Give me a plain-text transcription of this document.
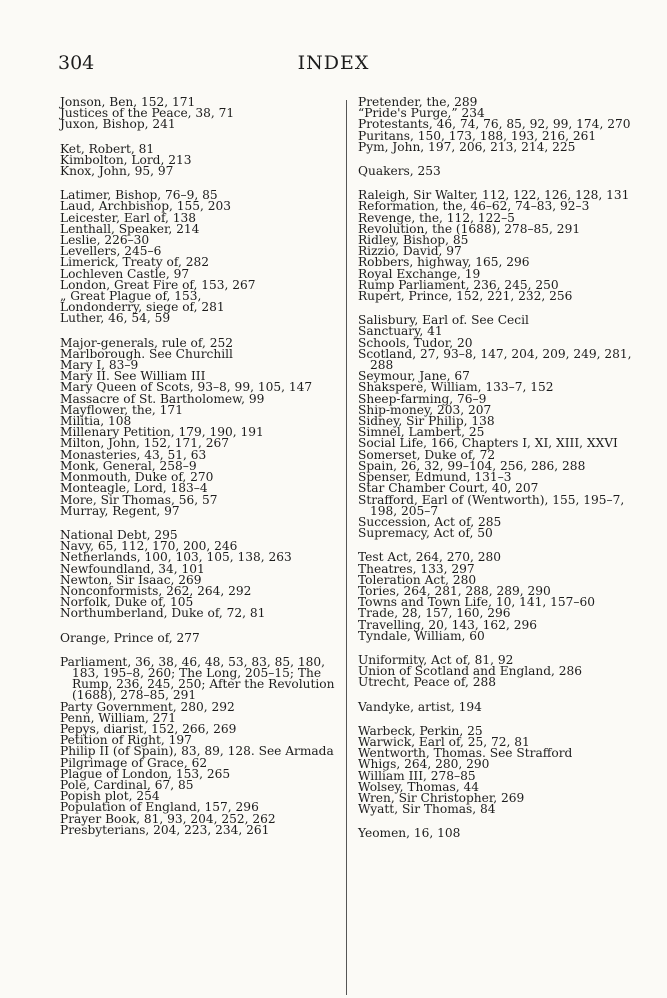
304	INDEX
Jonson, Ben, 152, 171
Justices of the Peace, 38, 71
Juxon, Bishop, 241
Ket, Robert, 81
Kimbolton, Lord, 213
Knox, John, 95, 97
Latimer, Bishop, 76–9, 85
Laud, Archbishop, 155, 203
Leicester, Earl of, 138
Lenthall, Speaker, 214
Leslie, 226–30
Levellers, 245–6
Limerick, Treaty of, 282
Lochleven Castle, 97
London, Great Fire of, 153, 267
„ Great Plague of, 153,
Londonderry, siege of, 281
Luther, 46, 54, 59
Major-generals, rule of, 252
Marlborough. See Churchill
Mary I, 83–9
Mary II. See William III
Mary Queen of Scots, 93–8, 99, 105, 147
Massacre of St. Bartholomew, 99
Mayflower, the, 171
Militia, 108
Millenary Petition, 179, 190, 191
Milton, John, 152, 171, 267
Monasteries, 43, 51, 63
Monk, General, 258–9
Monmouth, Duke of, 270
Monteagle, Lord, 183–4
More, Sir Thomas, 56, 57
Murray, Regent, 97
National Debt, 295
Navy, 65, 112, 170, 200, 246
Netherlands, 100, 103, 105, 138, 263
Newfoundland, 34, 101
Newton, Sir Isaac, 269
Nonconformists, 262, 264, 292
Norfolk, Duke of, 105
Northumberland, Duke of, 72, 81
Orange, Prince of, 277
Parliament, 36, 38, 46, 48, 53, 83, 85, 180, 183, 195–8, 260; The Long, 205–15; The Rump, 236, 245, 250; After the Revolution (1688), 278–85, 291
Party Government, 280, 292
Penn, William, 271
Pepys, diarist, 152, 266, 269
Petition of Right, 197
Philip II (of Spain), 83, 89, 128. See Armada
Pilgrimage of Grace, 62
Plague of London, 153, 265
Pole, Cardinal, 67, 85
Popish plot, 254
Population of England, 157, 296
Prayer Book, 81, 93, 204, 252, 262
Presbyterians, 204, 223, 234, 261
Pretender, the, 289
“Pride's Purge,” 234
Protestants, 46, 74, 76, 85, 92, 99, 174, 270
Puritans, 150, 173, 188, 193, 216, 261
Pym, John, 197, 206, 213, 214, 225
Quakers, 253
Raleigh, Sir Walter, 112, 122, 126, 128, 131
Reformation, the, 46–62, 74–83, 92–3
Revenge, the, 112, 122–5
Revolution, the (1688), 278–85, 291
Ridley, Bishop, 85
Rizzio, David, 97
Robbers, highway, 165, 296
Royal Exchange, 19
Rump Parliament, 236, 245, 250
Rupert, Prince, 152, 221, 232, 256
Salisbury, Earl of. See Cecil
Sanctuary, 41
Schools, Tudor, 20
Scotland, 27, 93–8, 147, 204, 209, 249, 281, 288
Seymour, Jane, 67
Shakspere, William, 133–7, 152
Sheep-farming, 76–9
Ship-money, 203, 207
Sidney, Sir Philip, 138
Simnel, Lambert, 25
Social Life, 166, Chapters I, XI, XIII, XXVI
Somerset, Duke of, 72
Spain, 26, 32, 99–104, 256, 286, 288
Spenser, Edmund, 131–3
Star Chamber Court, 40, 207
Strafford, Earl of (Wentworth), 155, 195–7, 198, 205–7
Succession, Act of, 285
Supremacy, Act of, 50
Test Act, 264, 270, 280
Theatres, 133, 297
Toleration Act, 280
Tories, 264, 281, 288, 289, 290
Towns and Town Life, 10, 141, 157–60
Trade, 28, 157, 160, 296
Travelling, 20, 143, 162, 296
Tyndale, William, 60
Uniformity, Act of, 81, 92
Union of Scotland and England, 286
Utrecht, Peace of, 288
Vandyke, artist, 194
Warbeck, Perkin, 25
Warwick, Earl of, 25, 72, 81
Wentworth, Thomas. See Strafford
Whigs, 264, 280, 290
William III, 278–85
Wolsey, Thomas, 44
Wren, Sir Christopher, 269
Wyatt, Sir Thomas, 84
Yeomen, 16, 108
